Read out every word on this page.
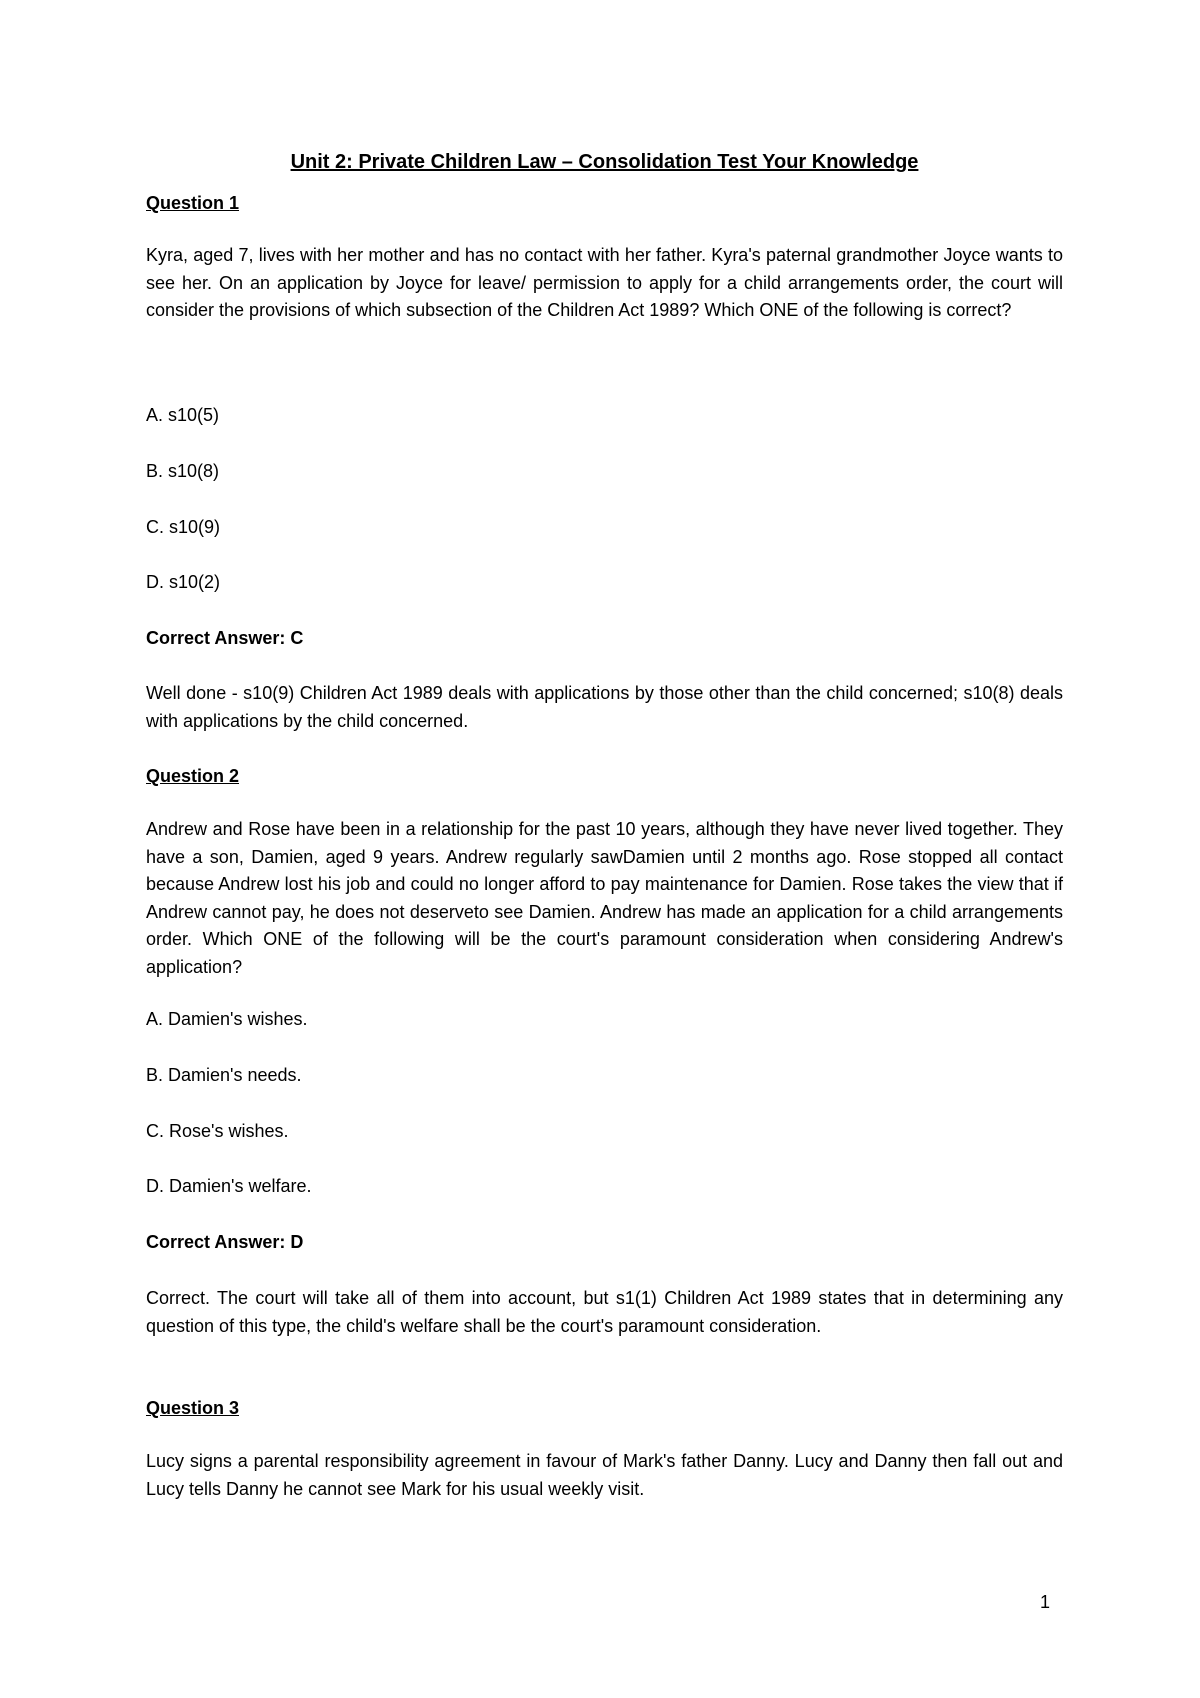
Unit 2: Private Children Law – Consolidation Test Your Knowledge
Question 1
Kyra, aged 7, lives with her mother and has no contact with her father. Kyra's paternal grandmother Joyce wants to see her. On an application by Joyce for leave/ permission to apply for a child arrangements order, the court will consider the provisions of which subsection of the Children Act 1989? Which ONE of the following is correct?
A. s10(5)
B. s10(8)
C. s10(9)
D. s10(2)
Correct Answer: C
Well done - s10(9) Children Act 1989 deals with applications by those other than the child concerned; s10(8) deals with applications by the child concerned.
Question 2
Andrew and Rose have been in a relationship for the past 10 years, although they have never lived together. They have a son, Damien, aged 9 years. Andrew regularly sawDamien until 2 months ago. Rose stopped all contact because Andrew lost his job and could no longer afford to pay maintenance for Damien. Rose takes the view that if Andrew cannot pay, he does not deserveto see Damien. Andrew has made an application for a child arrangements order. Which ONE of the following will be the court's paramount consideration when considering Andrew's application?
A. Damien's wishes.
B. Damien's needs.
C. Rose's wishes.
D. Damien's welfare.
Correct Answer: D
Correct. The court will take all of them into account, but s1(1) Children Act 1989 states that in determining any question of this type, the child's welfare shall be the court's paramount consideration.
Question 3
Lucy signs a parental responsibility agreement in favour of Mark's father Danny. Lucy and Danny then fall out and Lucy tells Danny he cannot see Mark for his usual weekly visit.
1
